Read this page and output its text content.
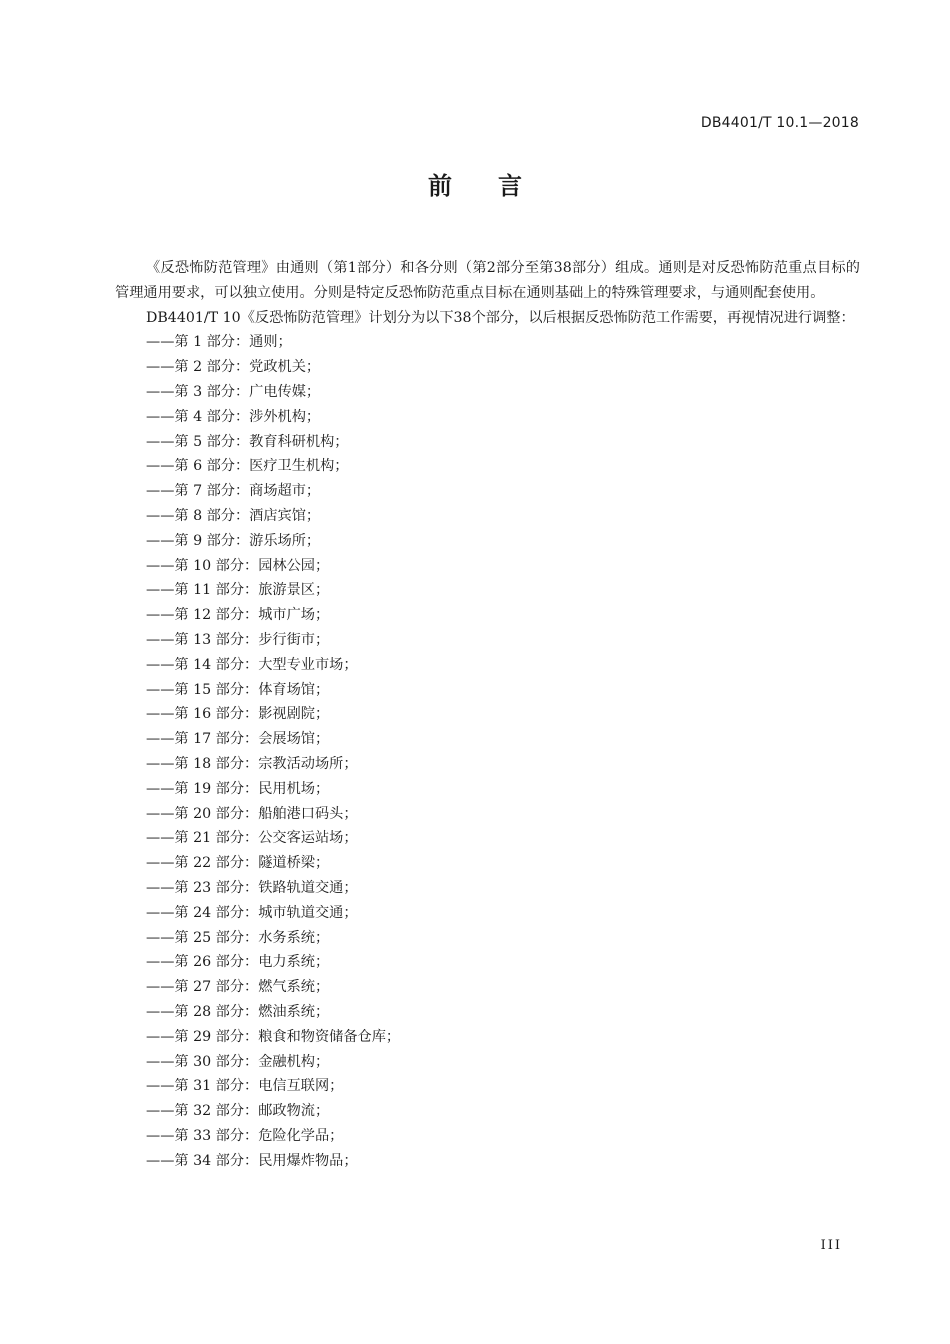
DB4401/T 10.1—2018
前言

《反恐怖防范管理》由通则（第1部分）和各分则（第2部分至第38部分）组成。通则是对反恐怖防范重点目标的管理通用要求，可以独立使用。分则是特定反恐怖防范重点目标在通则基础上的特殊管理要求，与通则配套使用。

DB4401/T 10《反恐怖防范管理》计划分为以下38个部分，以后根据反恐怖防范工作需要，再视情况进行调整：

——第 1 部分：通则；
——第 2 部分：党政机关；
——第 3 部分：广电传媒；
——第 4 部分：涉外机构；
——第 5 部分：教育科研机构；
——第 6 部分：医疗卫生机构；
——第 7 部分：商场超市；
——第 8 部分：酒店宾馆；
——第 9 部分：游乐场所；
——第 10 部分：园林公园；
——第 11 部分：旅游景区；
——第 12 部分：城市广场；
——第 13 部分：步行街市；
——第 14 部分：大型专业市场；
——第 15 部分：体育场馆；
——第 16 部分：影视剧院；
——第 17 部分：会展场馆；
——第 18 部分：宗教活动场所；
——第 19 部分：民用机场；
——第 20 部分：船舶港口码头；
——第 21 部分：公交客运站场；
——第 22 部分：隧道桥梁；
——第 23 部分：铁路轨道交通；
——第 24 部分：城市轨道交通；
——第 25 部分：水务系统；
——第 26 部分：电力系统；
——第 27 部分：燃气系统；
——第 28 部分：燃油系统；
——第 29 部分：粮食和物资储备仓库；
——第 30 部分：金融机构；
——第 31 部分：电信互联网；
——第 32 部分：邮政物流；
——第 33 部分：危险化学品；
——第 34 部分：民用爆炸物品；
III
